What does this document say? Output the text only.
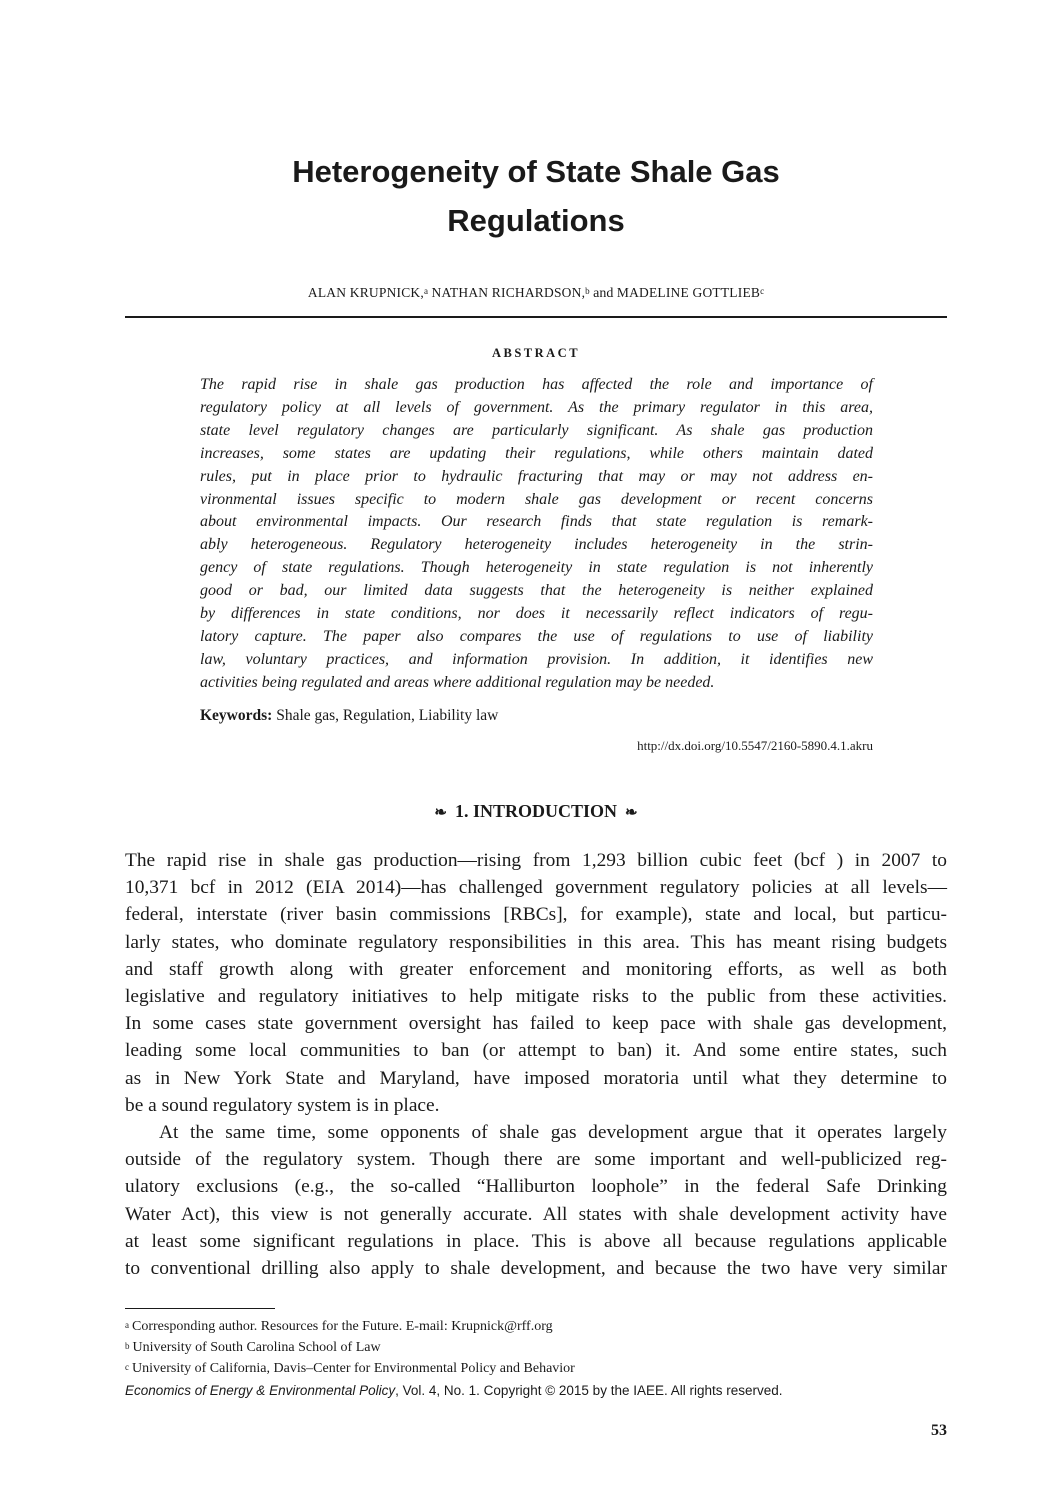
Heterogeneity of State Shale Gas
Regulations
ALAN KRUPNICK,$^a$ NATHAN RICHARDSON,$^b$ and MADELINE GOTTLIEB$^c$
ABSTRACT
The rapid rise in shale gas production has affected the role and importance of
regulatory policy at all levels of government. As the primary regulator in this area,
state level regulatory changes are particularly significant. As shale gas production
increases, some states are updating their regulations, while others maintain dated
rules, put in place prior to hydraulic fracturing that may or may not address en-
vironmental issues specific to modern shale gas development or recent concerns
about environmental impacts. Our research finds that state regulation is remark-
ably heterogeneous. Regulatory heterogeneity includes heterogeneity in the strin-
gency of state regulations. Though heterogeneity in state regulation is not inherently
good or bad, our limited data suggests that the heterogeneity is neither explained
by differences in state conditions, nor does it necessarily reflect indicators of regu-
latory capture. The paper also compares the use of regulations to use of liability
law, voluntary practices, and information provision. In addition, it identifies new
activities being regulated and areas where additional regulation may be needed.
Keywords: Shale gas, Regulation, Liability law
http://dx.doi.org/10.5547/2160-5890.4.1.akru
❧ 1. INTRODUCTION ❧
The rapid rise in shale gas production—rising from 1,293 billion cubic feet (bcf ) in 2007 to
10,371 bcf in 2012 (EIA 2014)—has challenged government regulatory policies at all levels—
federal, interstate (river basin commissions [RBCs], for example), state and local, but particu-
larly states, who dominate regulatory responsibilities in this area. This has meant rising budgets
and staff growth along with greater enforcement and monitoring efforts, as well as both
legislative and regulatory initiatives to help mitigate risks to the public from these activities.
In some cases state government oversight has failed to keep pace with shale gas development,
leading some local communities to ban (or attempt to ban) it. And some entire states, such
as in New York State and Maryland, have imposed moratoria until what they determine to
be a sound regulatory system is in place.
At the same time, some opponents of shale gas development argue that it operates largely
outside of the regulatory system. Though there are some important and well-publicized reg-
ulatory exclusions (e.g., the so-called “Halliburton loophole” in the federal Safe Drinking
Water Act), this view is not generally accurate. All states with shale development activity have
at least some significant regulations in place. This is above all because regulations applicable
to conventional drilling also apply to shale development, and because the two have very similar
$^a$ Corresponding author. Resources for the Future. E-mail: Krupnick@rff.org
$^b$ University of South Carolina School of Law
$^c$ University of California, Davis–Center for Environmental Policy and Behavior
Economics of Energy & Environmental Policy, Vol. 4, No. 1. Copyright © 2015 by the IAEE. All rights reserved.
53
